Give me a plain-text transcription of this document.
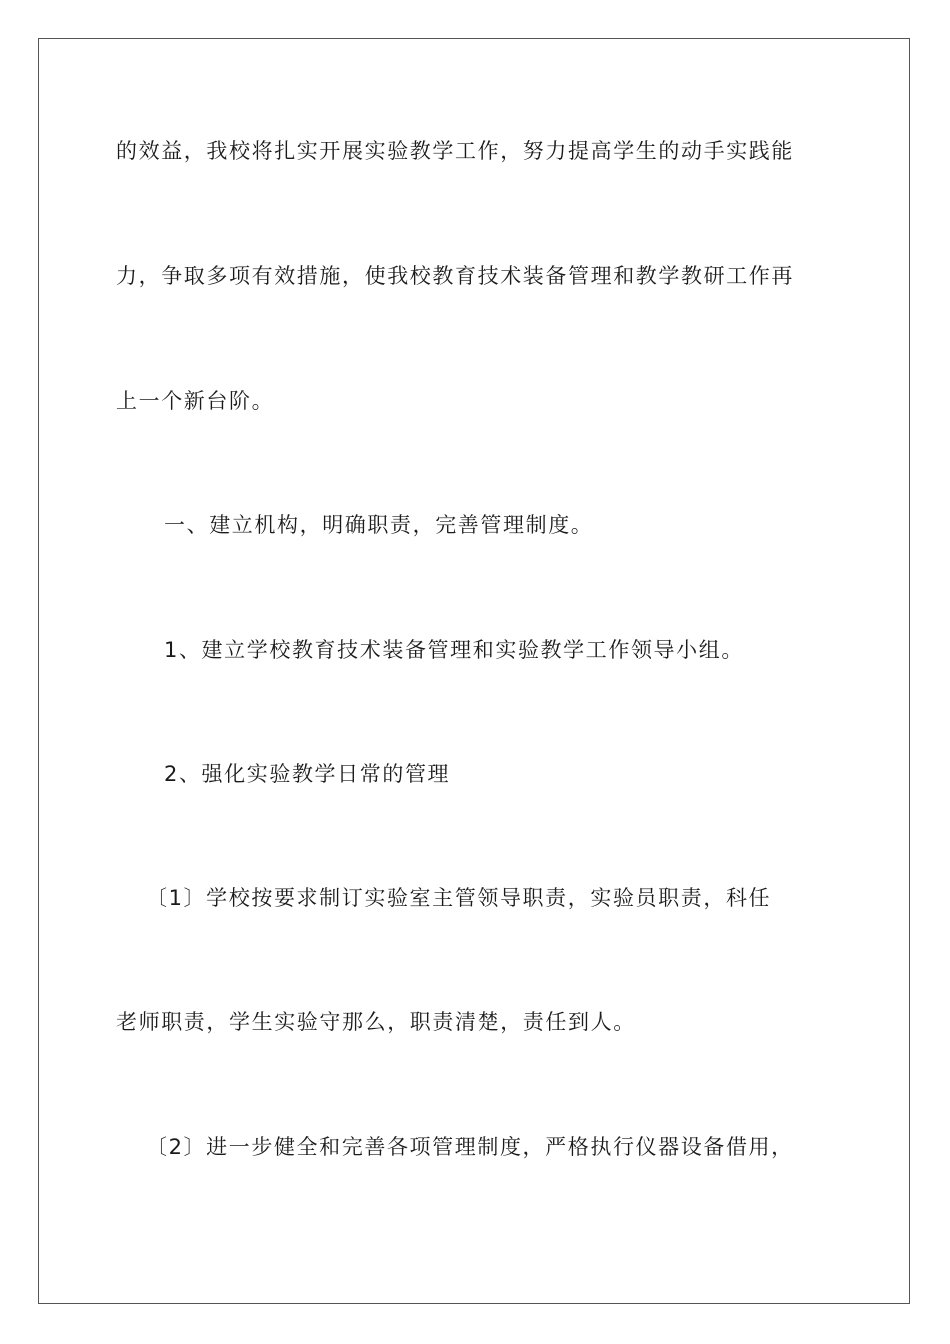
的效益，我校将扎实开展实验教学工作，努力提高学生的动手实践能
力，争取多项有效措施，使我校教育技术装备管理和教学教研工作再
上一个新台阶。
一、建立机构，明确职责，完善管理制度。
1、建立学校教育技术装备管理和实验教学工作领导小组。
2、强化实验教学日常的管理
〔1〕学校按要求制订实验室主管领导职责，实验员职责，科任
老师职责，学生实验守那么，职责清楚，责任到人。
〔2〕进一步健全和完善各项管理制度，严格执行仪器设备借用，
